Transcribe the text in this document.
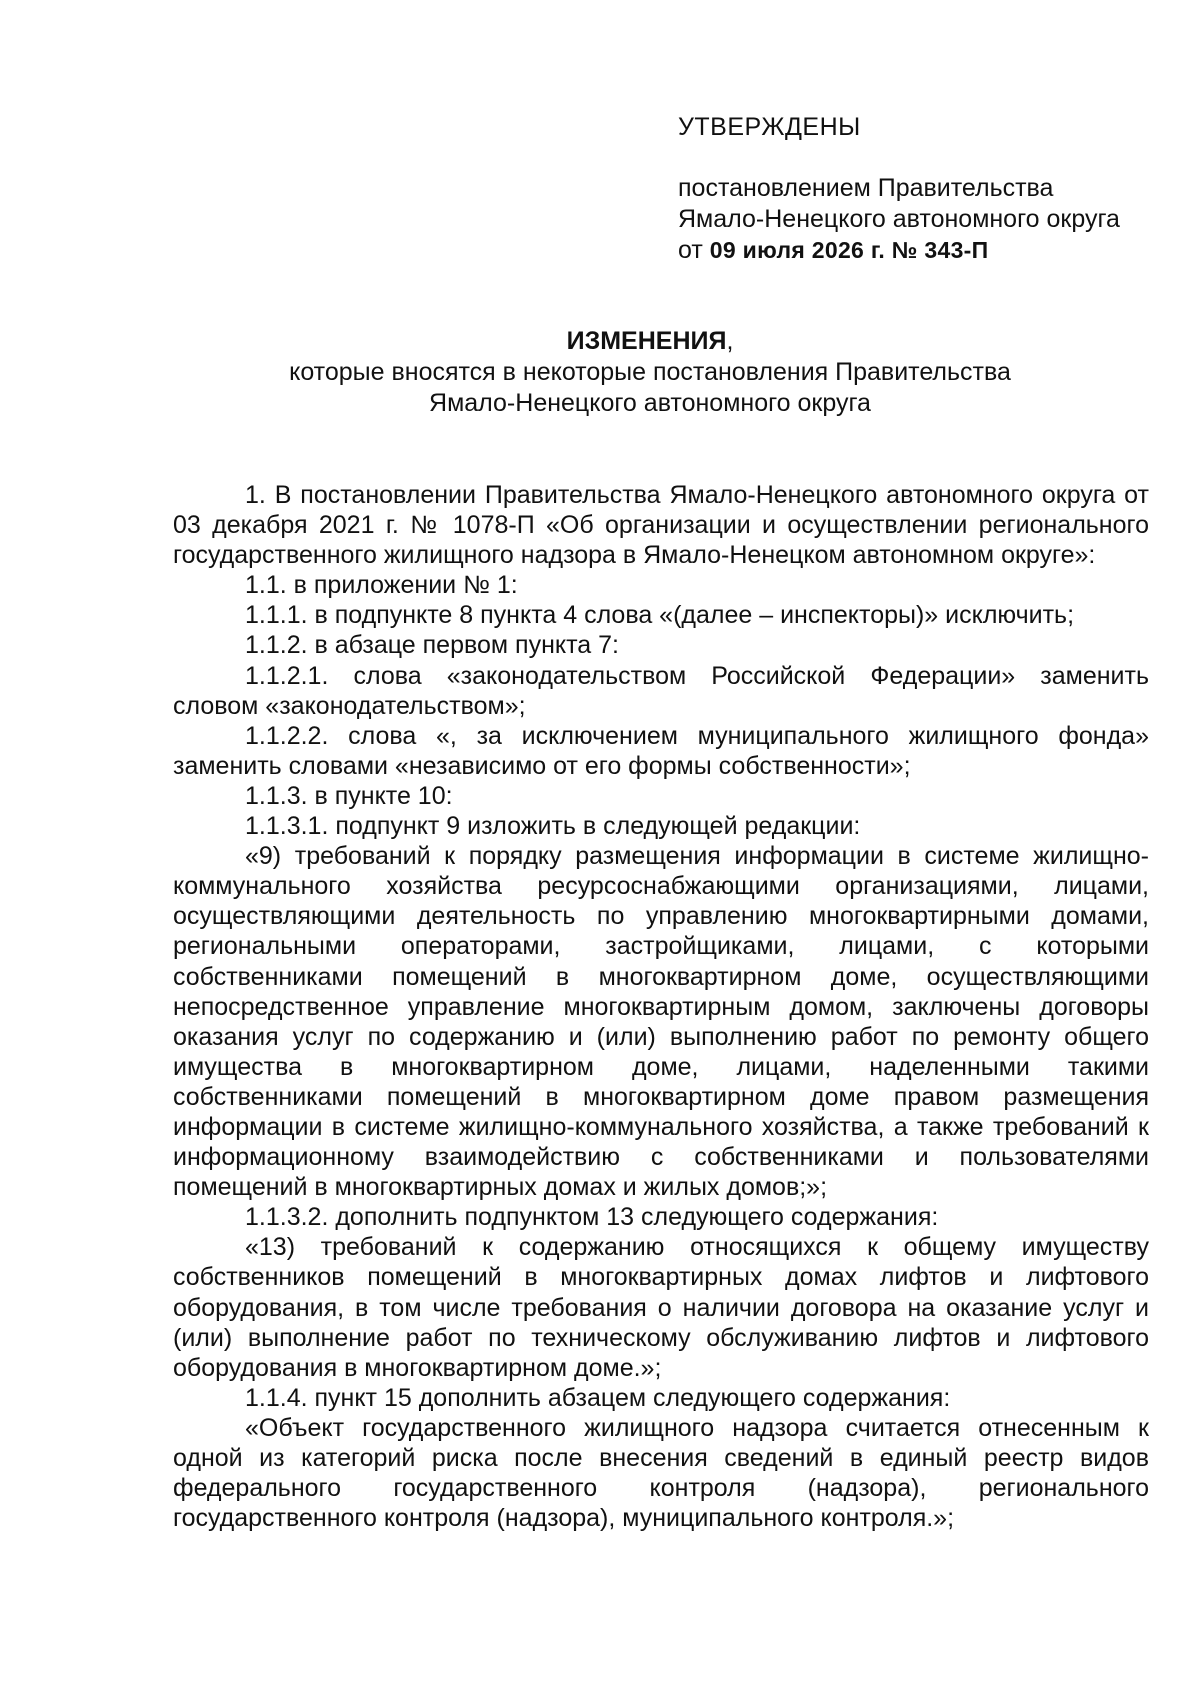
УТВЕРЖДЕНЫ
постановлением Правительства
Ямало-Ненецкого автономного округа
от 09 июля 2026 г. № 343-П
ИЗМЕНЕНИЯ,
которые вносятся в некоторые постановления Правительства
Ямало-Ненецкого автономного округа

1. В постановлении Правительства Ямало-Ненецкого автономного округа от 03 декабря 2021 г. № 1078-П «Об организации и осуществлении регионального государственного жилищного надзора в Ямало-Ненецком автономном округе»:

1.1. в приложении № 1:

1.1.1. в подпункте 8 пункта 4 слова «(далее – инспекторы)» исключить;

1.1.2. в абзаце первом пункта 7:

1.1.2.1. слова «законодательством Российской Федерации» заменить словом «законодательством»;

1.1.2.2. слова «, за исключением муниципального жилищного фонда» заменить словами «независимо от его формы собственности»;

1.1.3. в пункте 10:

1.1.3.1. подпункт 9 изложить в следующей редакции:

«9) требований к порядку размещения информации в системе жилищно-коммунального хозяйства ресурсоснабжающими организациями, лицами, осуществляющими деятельность по управлению многоквартирными домами, региональными операторами, застройщиками, лицами, с которыми собственниками помещений в многоквартирном доме, осуществляющими непосредственное управление многоквартирным домом, заключены договоры оказания услуг по содержанию и (или) выполнению работ по ремонту общего имущества в многоквартирном доме, лицами, наделенными такими собственниками помещений в многоквартирном доме правом размещения информации в системе жилищно-коммунального хозяйства, а также требований к информационному взаимодействию с собственниками и пользователями помещений в многоквартирных домах и жилых домов;»;

1.1.3.2. дополнить подпунктом 13 следующего содержания:

«13) требований к содержанию относящихся к общему имуществу собственников помещений в многоквартирных домах лифтов и лифтового оборудования, в том числе требования о наличии договора на оказание услуг и (или) выполнение работ по техническому обслуживанию лифтов и лифтового оборудования в многоквартирном доме.»;

1.1.4. пункт 15 дополнить абзацем следующего содержания:

«Объект государственного жилищного надзора считается отнесенным к одной из категорий риска после внесения сведений в единый реестр видов федерального государственного контроля (надзора), регионального государственного контроля (надзора), муниципального контроля.»;
